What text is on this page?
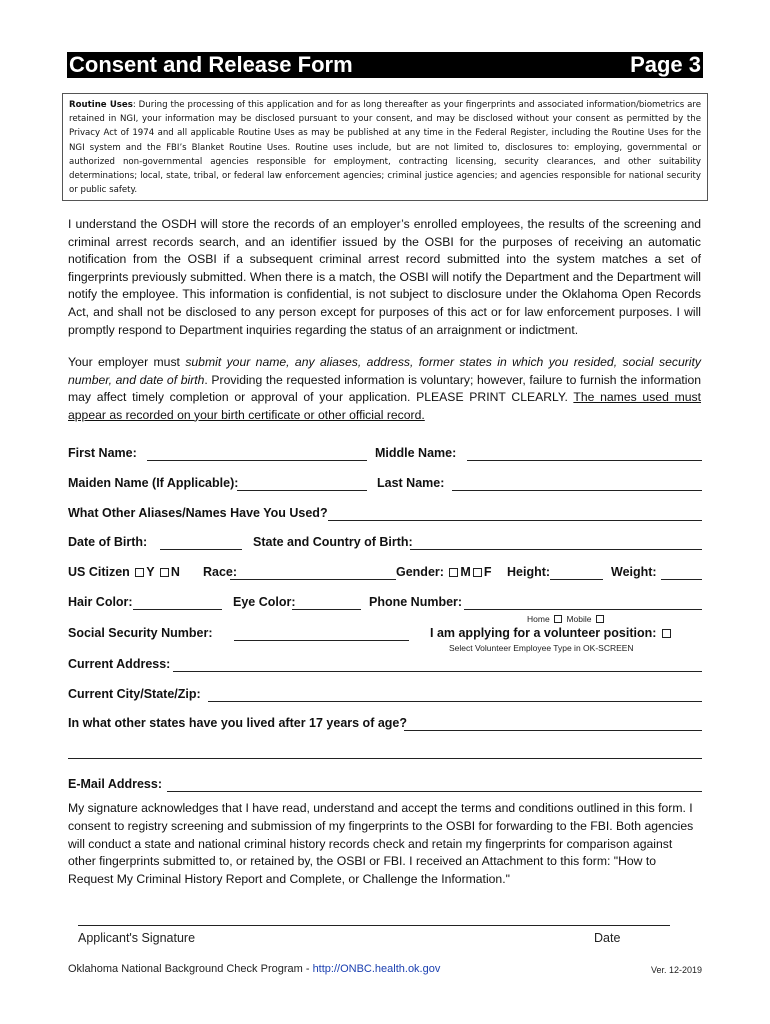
Consent and Release Form	Page 3
Routine Uses: During the processing of this application and for as long thereafter as your fingerprints and associated information/biometrics are retained in NGI, your information may be disclosed pursuant to your consent, and may be disclosed without your consent as permitted by the Privacy Act of 1974 and all applicable Routine Uses as may be published at any time in the Federal Register, including the Routine Uses for the NGI system and the FBI’s Blanket Routine Uses. Routine uses include, but are not limited to, disclosures to: employing, governmental or authorized non-governmental agencies responsible for employment, contracting licensing, security clearances, and other suitability determinations; local, state, tribal, or federal law enforcement agencies; criminal justice agencies; and agencies responsible for national security or public safety.
I understand the OSDH will store the records of an employer’s enrolled employees, the results of the screening and criminal arrest records search, and an identifier issued by the OSBI for the purposes of receiving an automatic notification from the OSBI if a subsequent criminal arrest record submitted into the system matches a set of fingerprints previously submitted. When there is a match, the OSBI will notify the Department and the Department will notify the employee. This information is confidential, is not subject to disclosure under the Oklahoma Open Records Act, and shall not be disclosed to any person except for purposes of this act or for law enforcement purposes. I will promptly respond to Department inquiries regarding the status of an arraignment or indictment.
Your employer must submit your name, any aliases, address, former states in which you resided, social security number, and date of birth. Providing the requested information is voluntary; however, failure to furnish the information may affect timely completion or approval of your application. PLEASE PRINT CLEARLY. The names used must appear as recorded on your birth certificate or other official record.
First Name:	Middle Name:
Maiden Name (If Applicable):	Last Name:
What Other Aliases/Names Have You Used?
Date of Birth:	State and Country of Birth:
US Citizen Y N Race:	Gender: M F Height:	Weight:
Hair Color:	Eye Color:	Phone Number:
Home Mobile
Social Security Number:	I am applying for a volunteer position:
Select Volunteer Employee Type in OK-SCREEN
Current Address:
Current City/State/Zip:
In what other states have you lived after 17 years of age?
E-Mail Address:
My signature acknowledges that I have read, understand and accept the terms and conditions outlined in this form. I consent to registry screening and submission of my fingerprints to the OSBI for forwarding to the FBI. Both agencies will conduct a state and national criminal history records check and retain my fingerprints for comparison against other fingerprints submitted to, or retained by, the OSBI or FBI. I received an Attachment to this form: "How to Request My Criminal History Report and Complete, or Challenge the Information."
Applicant's Signature	Date
Oklahoma National Background Check Program - http://ONBC.health.ok.gov	Ver. 12-2019
